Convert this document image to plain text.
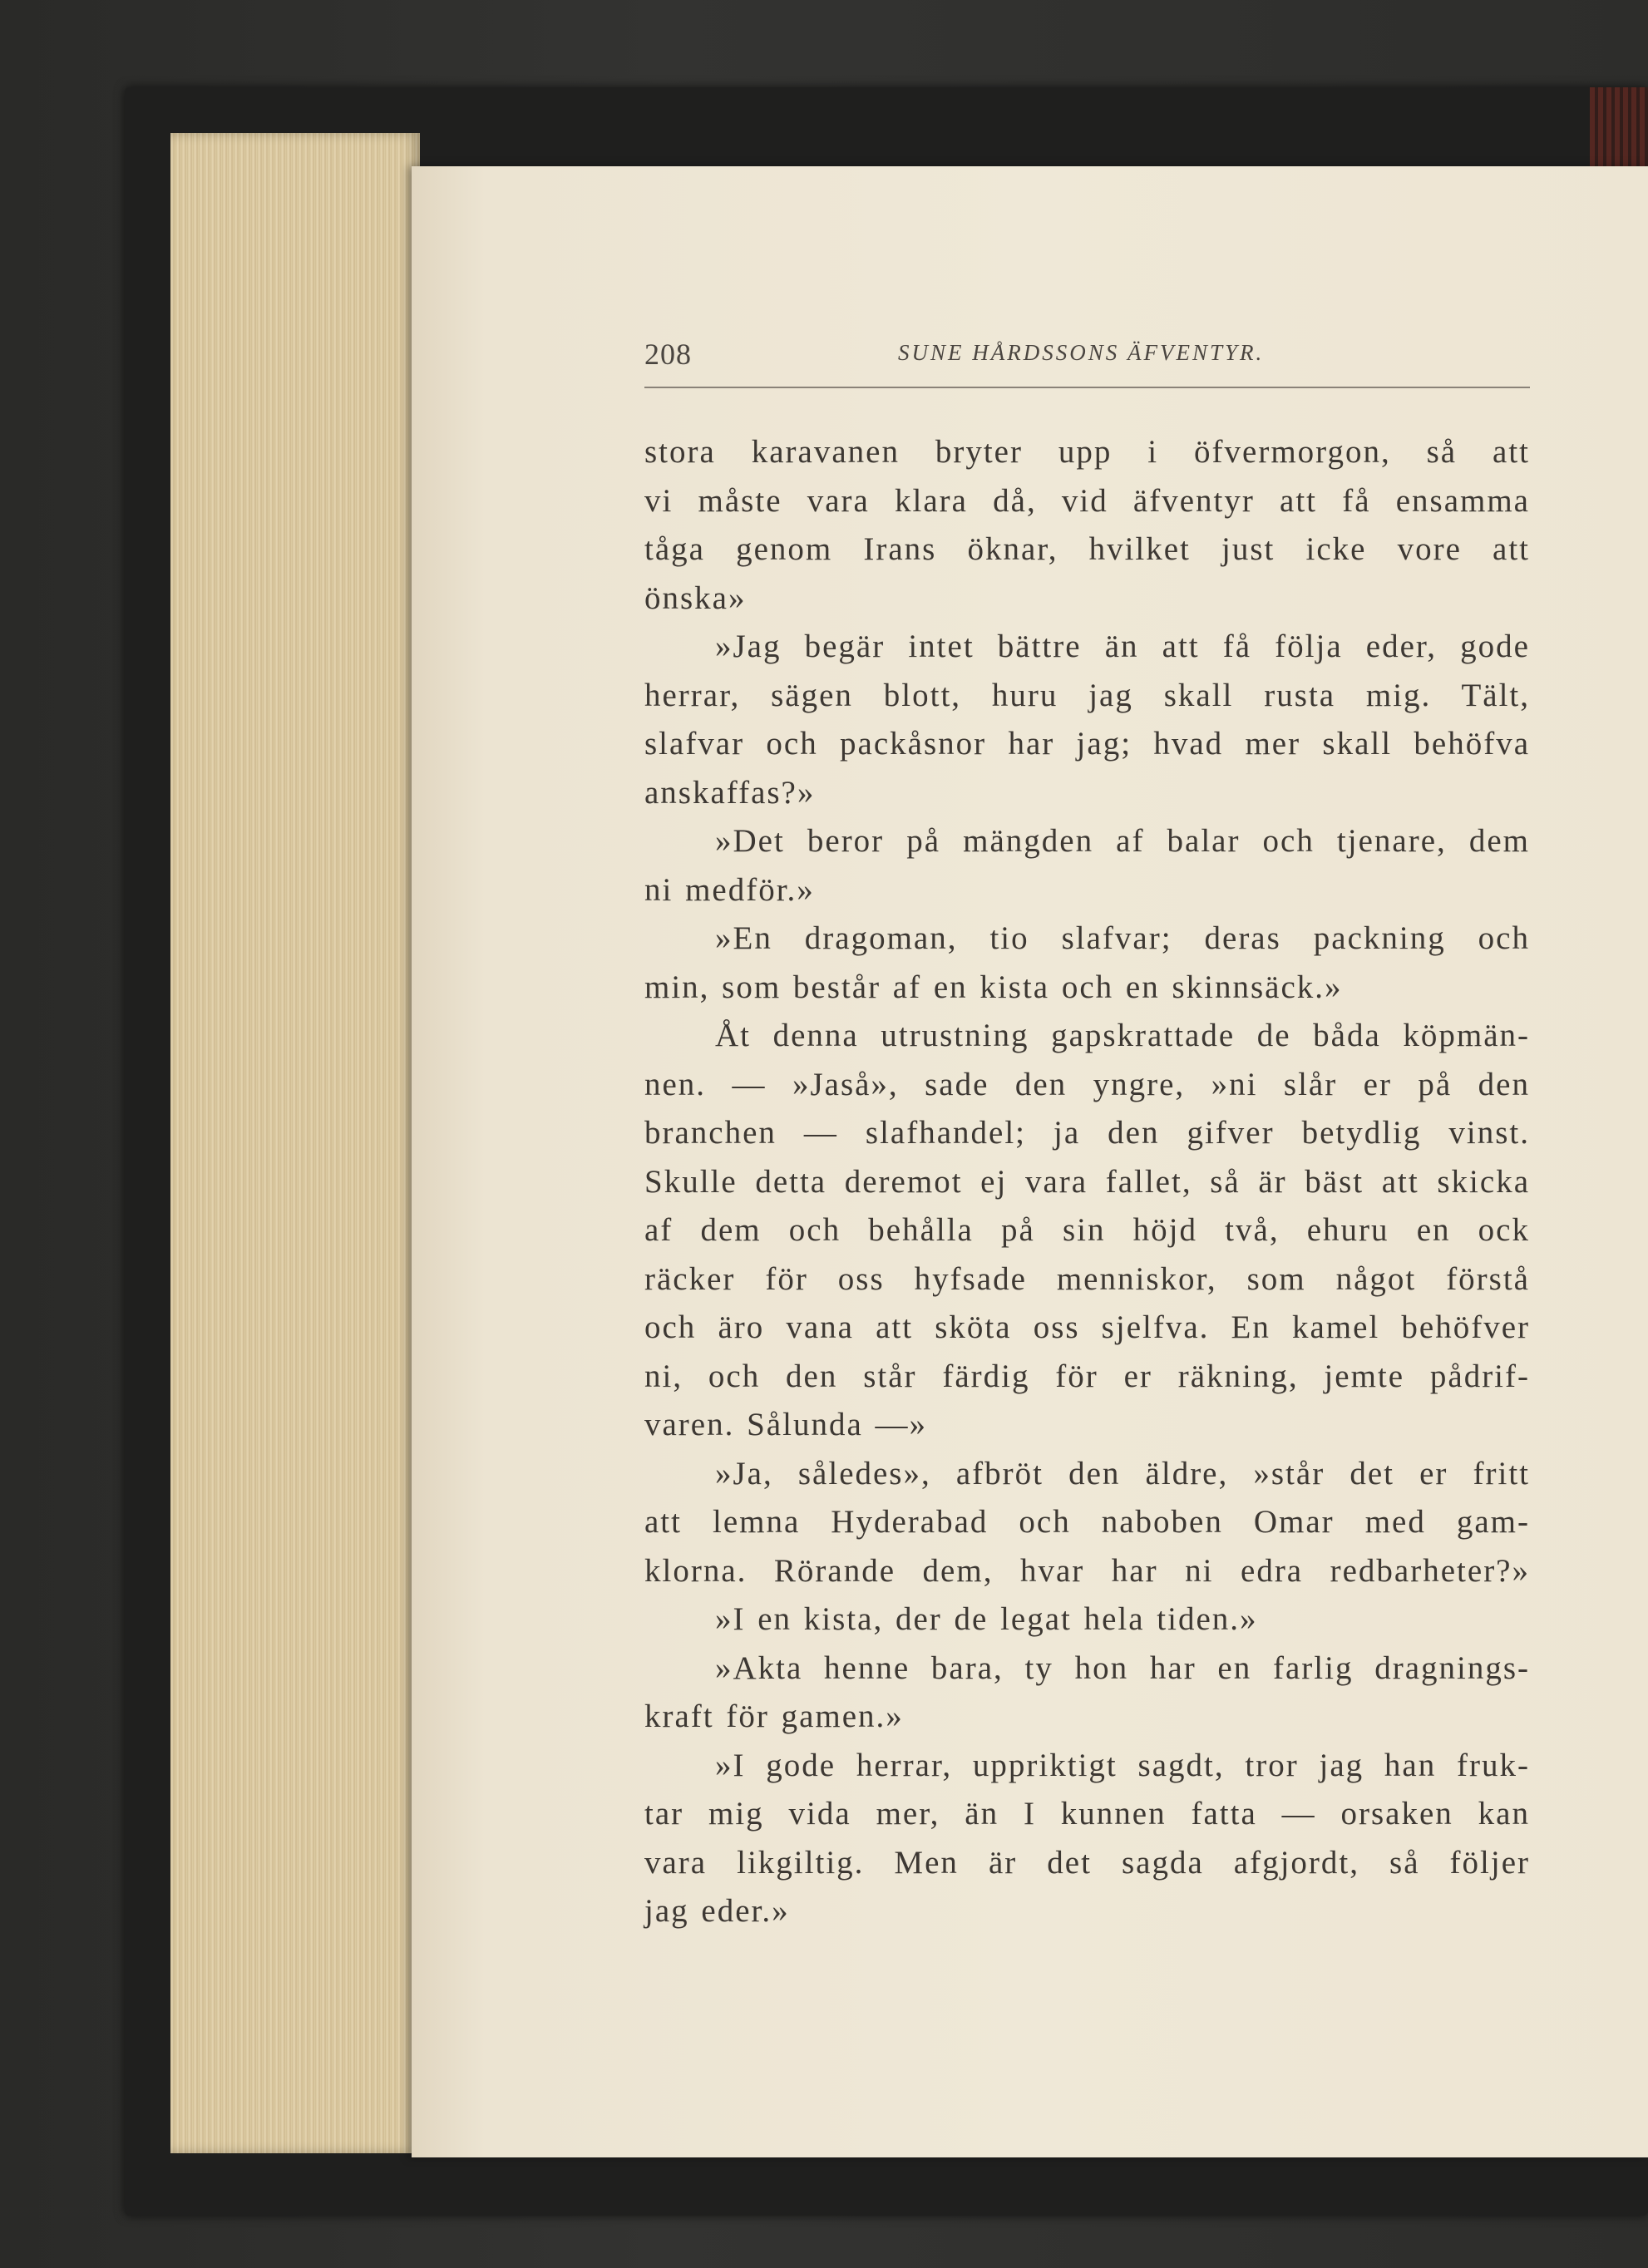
208	SUNE HÅRDSSONS ÄFVENTYR.
stora karavanen bryter upp i öfvermorgon, så att
vi måste vara klara då, vid äfventyr att få ensamma
tåga genom Irans öknar, hvilket just icke vore att
önska»
»Jag begär intet bättre än att få följa eder, gode
herrar, sägen blott, huru jag skall rusta mig. Tält,
slafvar och packåsnor har jag; hvad mer skall behöfva
anskaffas?»
»Det beror på mängden af balar och tjenare, dem
ni medför.»
»En dragoman, tio slafvar; deras packning och
min, som består af en kista och en skinnsäck.»
Åt denna utrustning gapskrattade de båda köpmän-
nen. — »Jaså», sade den yngre, »ni slår er på den
branchen — slafhandel; ja den gifver betydlig vinst.
Skulle detta deremot ej vara fallet, så är bäst att skicka
af dem och behålla på sin höjd två, ehuru en ock
räcker för oss hyfsade menniskor, som något förstå
och äro vana att sköta oss sjelfva. En kamel behöfver
ni, och den står färdig för er räkning, jemte pådrif-
varen. Sålunda —»
»Ja, således», afbröt den äldre, »står det er fritt
att lemna Hyderabad och naboben Omar med gam-
klorna. Rörande dem, hvar har ni edra redbarheter?»
»I en kista, der de legat hela tiden.»
»Akta henne bara, ty hon har en farlig dragnings-
kraft för gamen.»
»I gode herrar, uppriktigt sagdt, tror jag han fruk-
tar mig vida mer, än I kunnen fatta — orsaken kan
vara likgiltig. Men är det sagda afgjordt, så följer
jag eder.»
